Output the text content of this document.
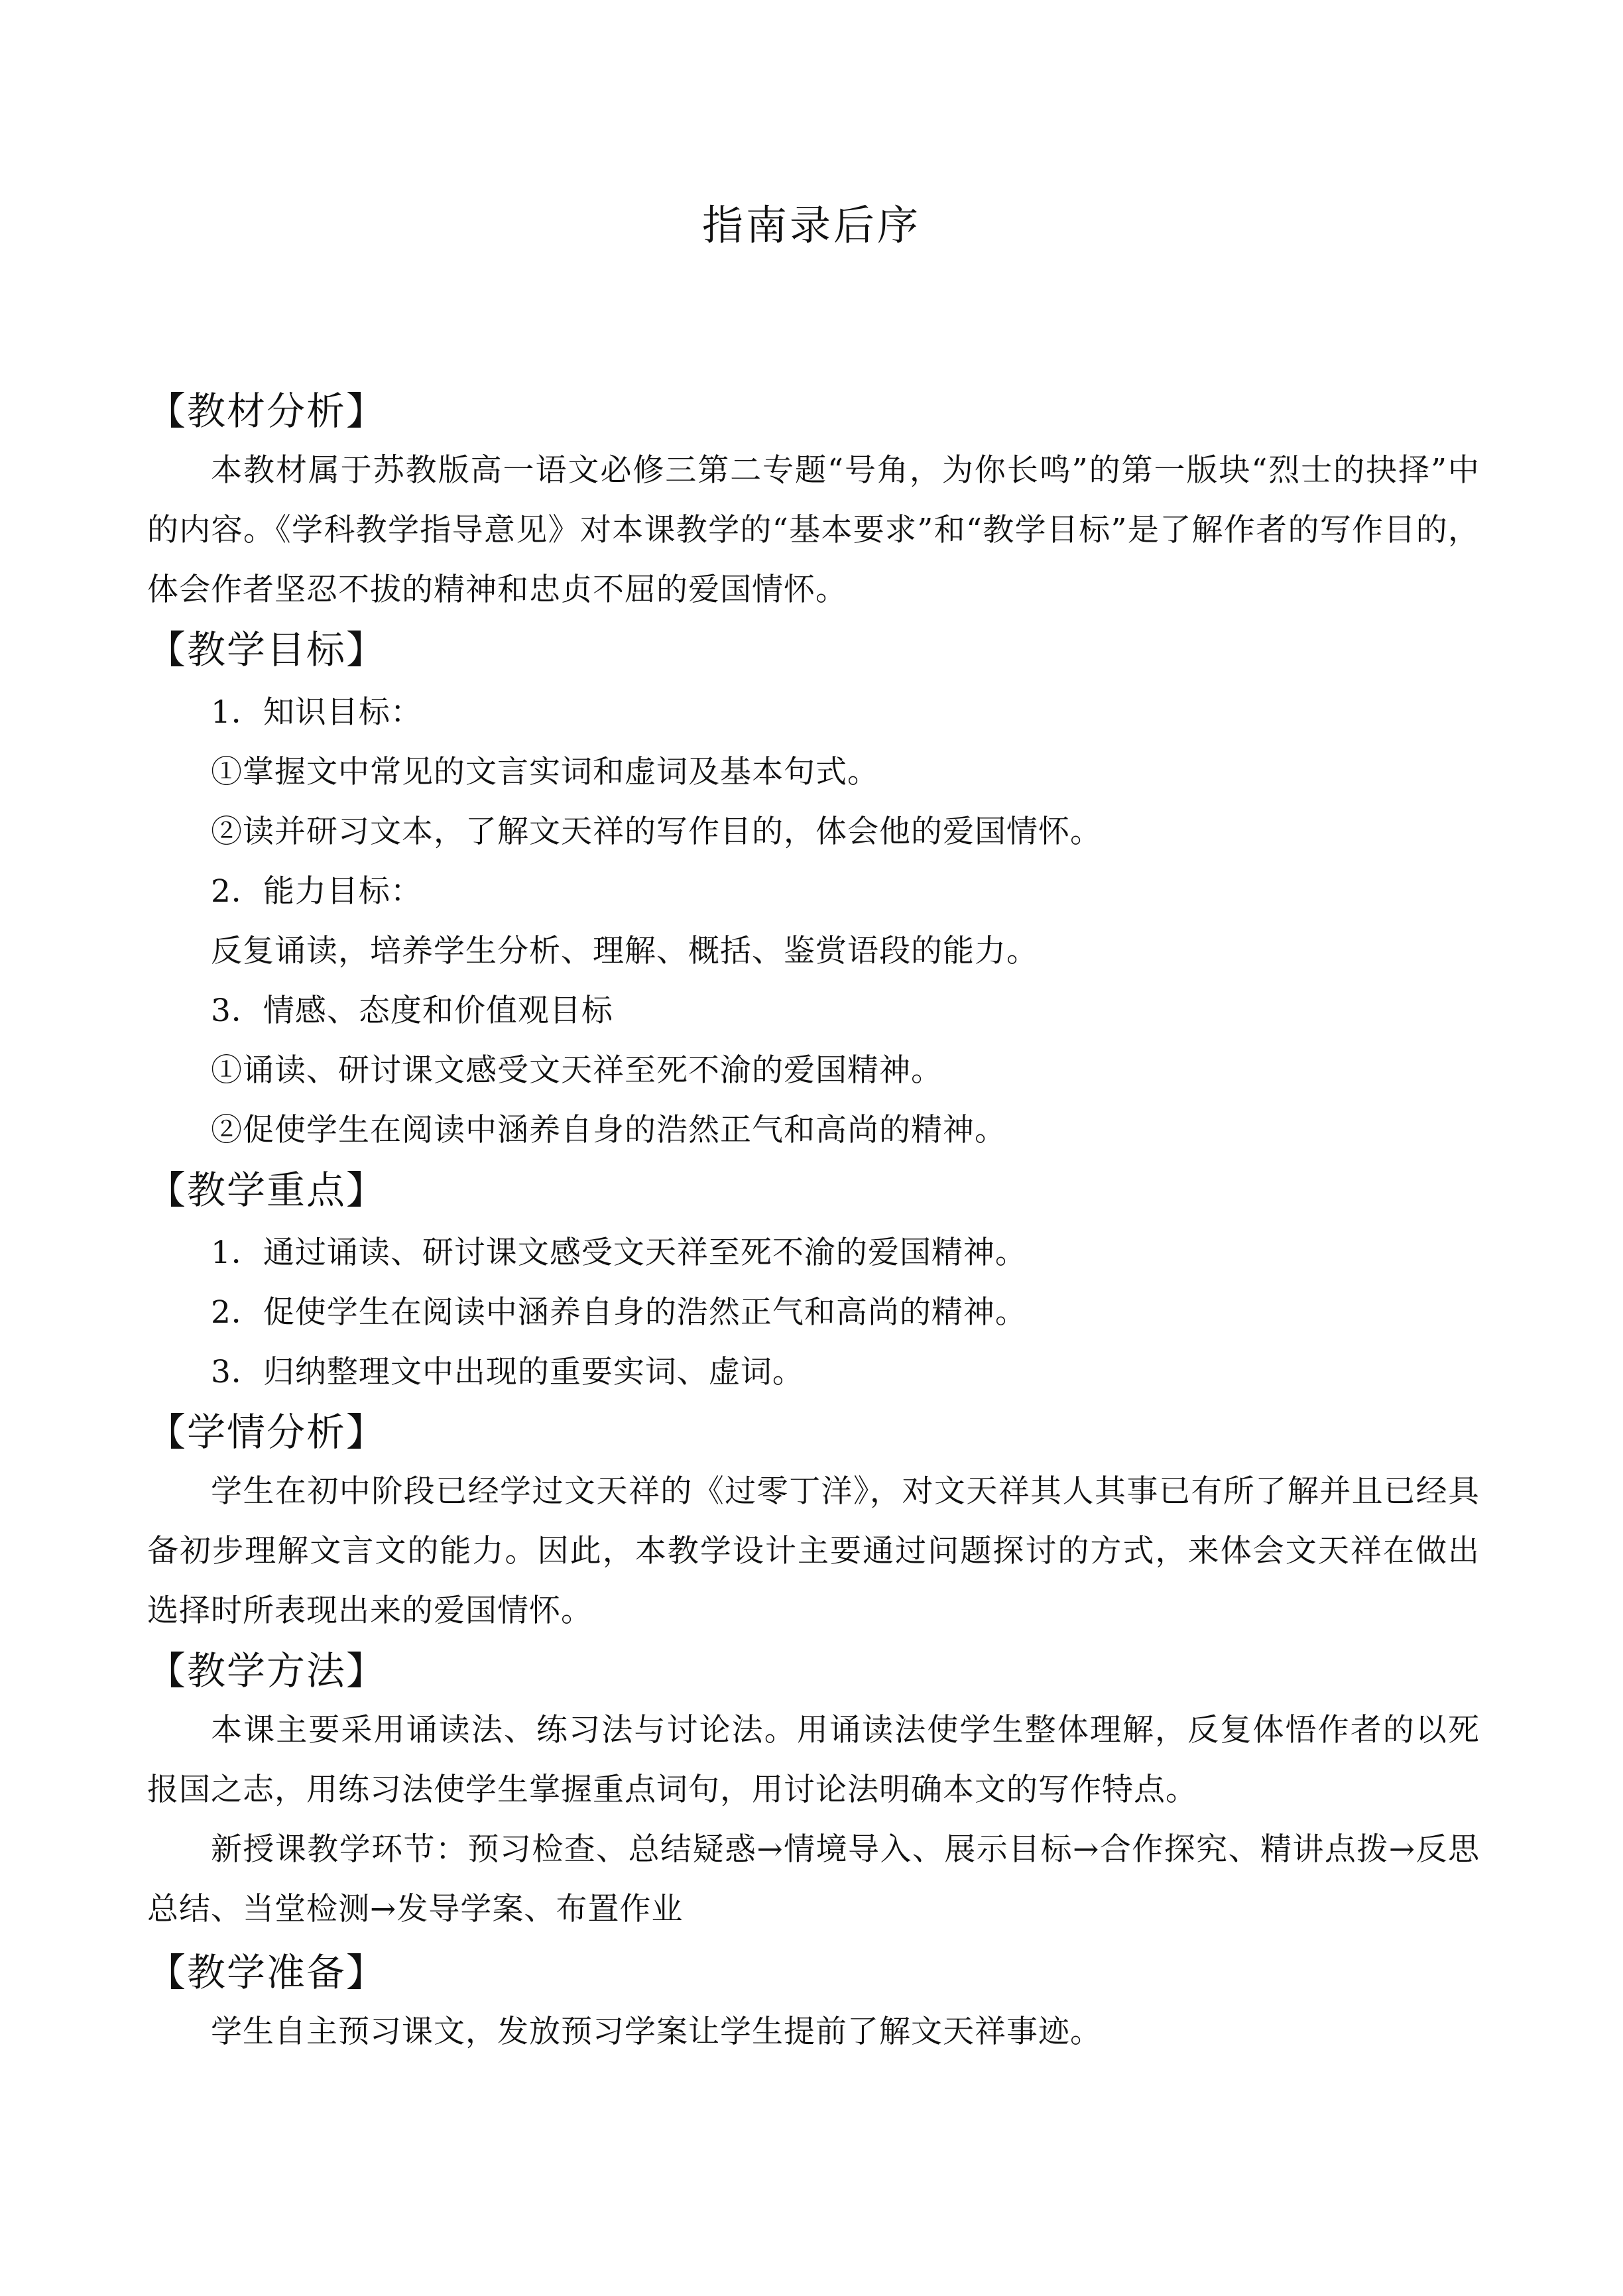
指南录后序
【教材分析】
本教材属于苏教版高一语文必修三第二专题“号角，为你长鸣”的第一版块“烈士的抉择”中的内容。《学科教学指导意见》对本课教学的“基本要求”和“教学目标”是了解作者的写作目的，体会作者坚忍不拔的精神和忠贞不屈的爱国情怀。
【教学目标】
1．知识目标：
①掌握文中常见的文言实词和虚词及基本句式。
②读并研习文本，了解文天祥的写作目的，体会他的爱国情怀。
2．能力目标：
反复诵读，培养学生分析、理解、概括、鉴赏语段的能力。
3．情感、态度和价值观目标
①诵读、研讨课文感受文天祥至死不渝的爱国精神。
②促使学生在阅读中涵养自身的浩然正气和高尚的精神。
【教学重点】
1．通过诵读、研讨课文感受文天祥至死不渝的爱国精神。
2．促使学生在阅读中涵养自身的浩然正气和高尚的精神。
3．归纳整理文中出现的重要实词、虚词。
【学情分析】
学生在初中阶段已经学过文天祥的《过零丁洋》，对文天祥其人其事已有所了解并且已经具备初步理解文言文的能力。因此，本教学设计主要通过问题探讨的方式，来体会文天祥在做出选择时所表现出来的爱国情怀。
【教学方法】
本课主要采用诵读法、练习法与讨论法。用诵读法使学生整体理解，反复体悟作者的以死报国之志，用练习法使学生掌握重点词句，用讨论法明确本文的写作特点。
新授课教学环节：预习检查、总结疑惑→情境导入、展示目标→合作探究、精讲点拨→反思总结、当堂检测→发导学案、布置作业
【教学准备】
学生自主预习课文，发放预习学案让学生提前了解文天祥事迹。
